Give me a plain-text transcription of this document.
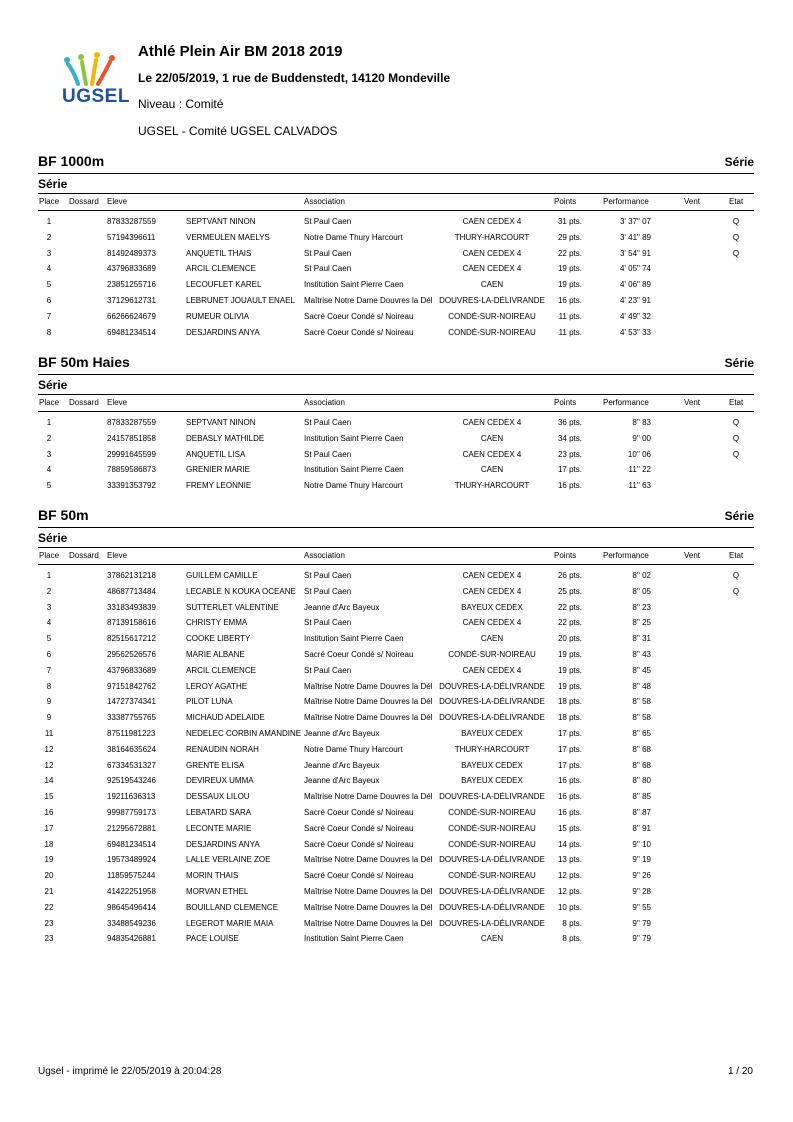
UGSEL
Athlé Plein Air BM 2018 2019
Le 22/05/2019, 1 rue de Buddenstedt, 14120 Mondeville
Niveau : Comité
UGSEL - Comité UGSEL CALVADOS
BF 1000m	Série
Série
Place Dossard Eleve	Association	Points	Performance	Vent	Etat
1	87833287559	SEPTVANT NINON	St Paul Caen	CAEN CEDEX 4	31 pts.	3' 37" 07	Q
2	57194396611	VERMEULEN MAELYS	Notre Dame Thury Harcourt	THURY-HARCOURT	29 pts.	3' 41" 89	Q
3	81492489373	ANQUETIL THAIS	St Paul Caen	CAEN CEDEX 4	22 pts.	3' 54" 91	Q
4	43796833689	ARCIL CLEMENCE	St Paul Caen	CAEN CEDEX 4	19 pts.	4' 05" 74
5	23851255716	LECOUFLET KAREL	Institution Saint Pierre Caen	CAEN	19 pts.	4' 06" 89
6	37129612731	LEBRUNET JOUAULT ENAEL	Maîtrise Notre Dame Douvres la Dél DOUVRES-LA-DÉLIVRANDE	16 pts.	4' 23" 91
7	66266624679	RUMEUR OLIVIA	Sacré Coeur Condé s/ Noireau	CONDÉ-SUR-NOIREAU	11 pts.	4' 49" 32
8	69481234514	DESJARDINS ANYA	Sacré Coeur Condé s/ Noireau	CONDÉ-SUR-NOIREAU	11 pts.	4' 53" 33
BF 50m Haies	Série
Série
Place Dossard Eleve	Association	Points	Performance	Vent	Etat
1	87833287559	SEPTVANT NINON	St Paul Caen	CAEN CEDEX 4	36 pts.	8'' 83	Q
2	24157851858	DEBASLY MATHILDE	Institution Saint Pierre Caen	CAEN	34 pts.	9'' 00	Q
3	29991645599	ANQUETIL LISA	St Paul Caen	CAEN CEDEX 4	23 pts.	10'' 06	Q
4	78859586873	GRENIER MARIE	Institution Saint Pierre Caen	CAEN	17 pts.	11'' 22
5	33391353792	FREMY LEONNIE	Notre Dame Thury Harcourt	THURY-HARCOURT	16 pts.	11'' 63
BF 50m	Série
Série
Place Dossard Eleve	Association	Points	Performance	Vent	Etat
1	37862131218	GUILLEM CAMILLE	St Paul Caen	CAEN CEDEX 4	26 pts.	8'' 02	Q
2	48687713484	LECABLE N KOUKA OCEANE	St Paul Caen	CAEN CEDEX 4	25 pts.	8'' 05	Q
3	33183493839	SUTTERLET VALENTINE	Jeanne d'Arc Bayeux	BAYEUX CEDEX	22 pts.	8'' 23
4	87139158616	CHRISTY EMMA	St Paul Caen	CAEN CEDEX 4	22 pts.	8'' 25
5	82515617212	COOKE LIBERTY	Institution Saint Pierre Caen	CAEN	20 pts.	8'' 31
6	29562526576	MARIE ALBANE	Sacré Coeur Condé s/ Noireau	CONDÉ-SUR-NOIREAU	19 pts.	8'' 43
7	43796833689	ARCIL CLEMENCE	St Paul Caen	CAEN CEDEX 4	19 pts.	8'' 45
8	97151842762	LEROY AGATHE	Maîtrise Notre Dame Douvres la Dél DOUVRES-LA-DÉLIVRANDE	19 pts.	8'' 48
9	14727374341	PILOT LUNA	Maîtrise Notre Dame Douvres la Dél DOUVRES-LA-DÉLIVRANDE	18 pts.	8'' 58
9	33387755765	MICHAUD ADELAIDE	Maîtrise Notre Dame Douvres la Dél DOUVRES-LA-DÉLIVRANDE	18 pts.	8'' 58
11	87511981223	NEDELEC CORBIN AMANDINE Jeanne d'Arc Bayeux	BAYEUX CEDEX	17 pts.	8'' 65
12	38164635624	RENAUDIN NORAH	Notre Dame Thury Harcourt	THURY-HARCOURT	17 pts.	8'' 68
12	67334531327	GRENTE ELISA	Jeanne d'Arc Bayeux	BAYEUX CEDEX	17 pts.	8'' 68
14	92519543246	DEVIREUX UMMA	Jeanne d'Arc Bayeux	BAYEUX CEDEX	16 pts.	8'' 80
15	19211636313	DESSAUX LILOU	Maîtrise Notre Dame Douvres la Dél DOUVRES-LA-DÉLIVRANDE	16 pts.	8'' 85
16	99987759173	LEBATARD SARA	Sacré Coeur Condé s/ Noireau	CONDÉ-SUR-NOIREAU	16 pts.	8'' 87
17	21295672881	LECONTE MARIE	Sacré Coeur Condé s/ Noireau	CONDÉ-SUR-NOIREAU	15 pts.	8'' 91
18	69481234514	DESJARDINS ANYA	Sacré Coeur Condé s/ Noireau	CONDÉ-SUR-NOIREAU	14 pts.	9'' 10
19	19573489924	LALLE VERLAINE ZOE	Maîtrise Notre Dame Douvres la Dél DOUVRES-LA-DÉLIVRANDE	13 pts.	9'' 19
20	11859575244	MORIN THAIS	Sacré Coeur Condé s/ Noireau	CONDÉ-SUR-NOIREAU	12 pts.	9'' 26
21	41422251958	MORVAN ETHEL	Maîtrise Notre Dame Douvres la Dél DOUVRES-LA-DÉLIVRANDE	12 pts.	9'' 28
22	98645496414	BOUILLAND CLEMENCE	Maîtrise Notre Dame Douvres la Dél DOUVRES-LA-DÉLIVRANDE	10 pts.	9'' 55
23	33488549236	LEGEROT MARIE MAIA	Maîtrise Notre Dame Douvres la Dél DOUVRES-LA-DÉLIVRANDE	8 pts.	9'' 79
23	94835426881	PACE LOUISE	Institution Saint Pierre Caen	CAEN	8 pts.	9'' 79
Ugsel - imprimé le 22/05/2019 à 20:04:28	1 / 20
